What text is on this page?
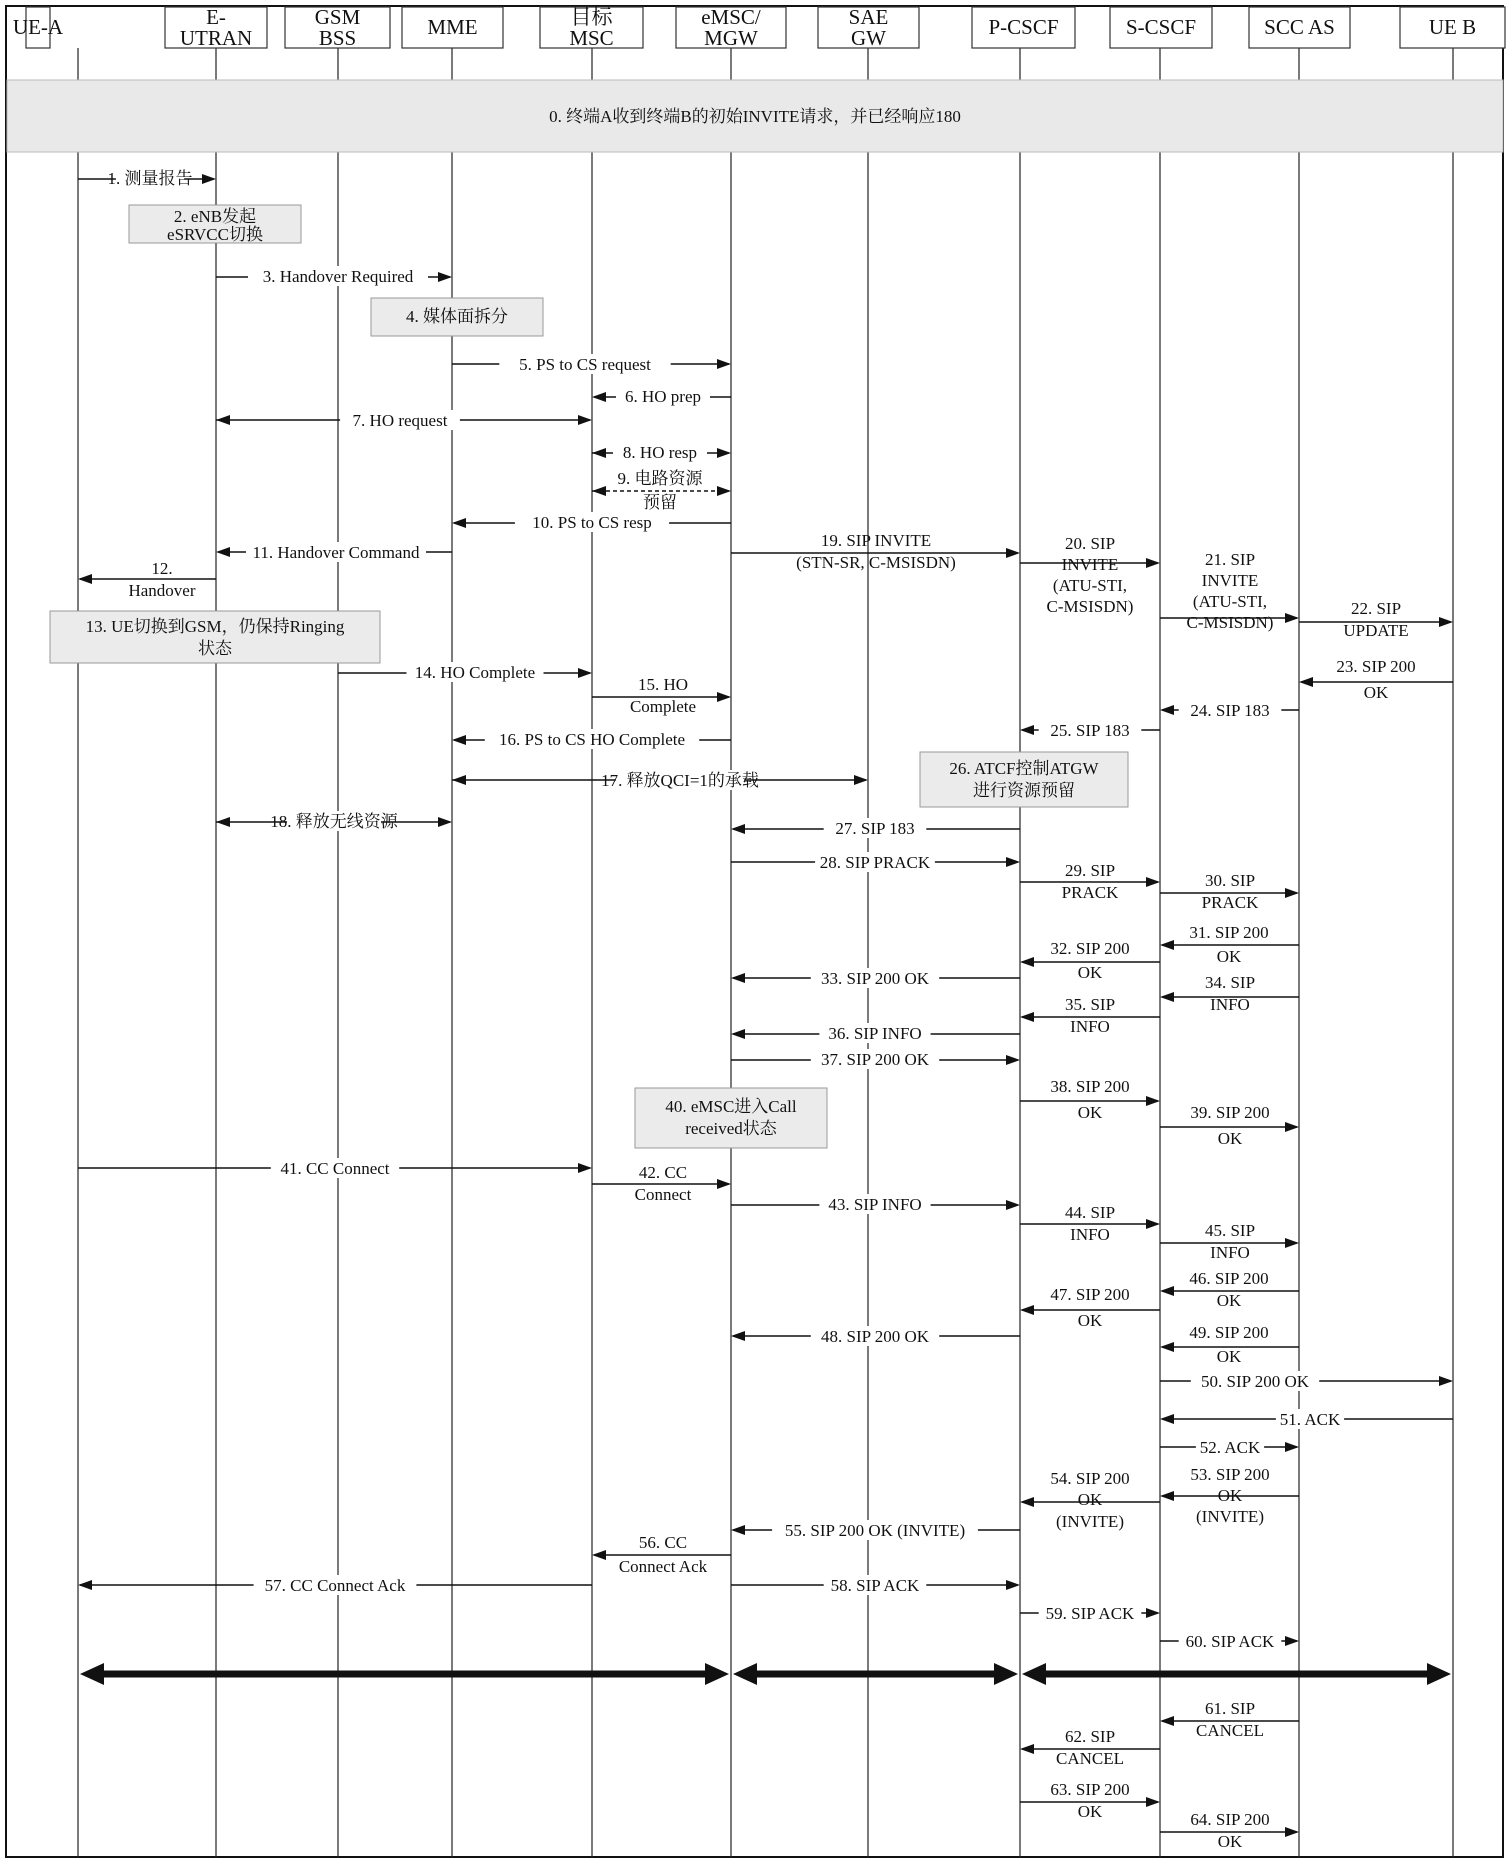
0. 终端A收到终端B的初始INVITE请求，并已经响应180
UE-A	E-
UTRAN
GSM
BSS	MME	目标
MSC
eMSC/
MGW
SAE
GW	P-CSCF	S-CSCF	SCC AS	UE B
2. eNB发起
eSRVCC切换
4. 媒体面拆分
13. UE切换到GSM，仍保持Ringing
状态
26. ATCF控制ATGW
进行资源预留
40. eMSC进入Call
received状态
1. 测量报告
3. Handover Required
5. PS to CS request
6. HO prep
7. HO request
8. HO resp
9. 电路资源
预留
10. PS to CS resp
11. Handover Command
12.
Handover
14. HO Complete
15. HO
Complete
16. PS to CS HO Complete
17. 释放QCI=1的承载
18. 释放无线资源
19. SIP INVITE
(STN-SR, C-MSISDN)
20. SIP
INVITE
(ATU-STI,
C-MSISDN)
21. SIP
INVITE
(ATU-STI,
C-MSISDN)
22. SIP
UPDATE
23. SIP 200
OK
24. SIP 183
25. SIP 183
27. SIP 183
28. SIP PRACK	29. SIP
PRACK
30. SIP
PRACK
31. SIP 200
OK
32. SIP 200
OK
33. SIP 200 OK	34. SIP
INFO
35. SIP
INFO
36. SIP INFO
37. SIP 200 OK
38. SIP 200
OK	39. SIP 200
OK
41. CC Connect	42. CC
Connect
43. SIP INFO	44. SIP
INFO	45. SIP
INFO
46. SIP 200
OK
47. SIP 200
OK
48. SIP 200 OK	49. SIP 200
OK
50. SIP 200 OK
51. ACK
52. ACK
53. SIP 200
OK
(INVITE)
54. SIP 200
OK
(INVITE)
55. SIP 200 OK (INVITE)
56. CC
Connect Ack
57. CC Connect Ack	58. SIP ACK
59. SIP ACK
60. SIP ACK
61. SIP
CANCEL
62. SIP
CANCEL
63. SIP 200
OK	64. SIP 200
OK
